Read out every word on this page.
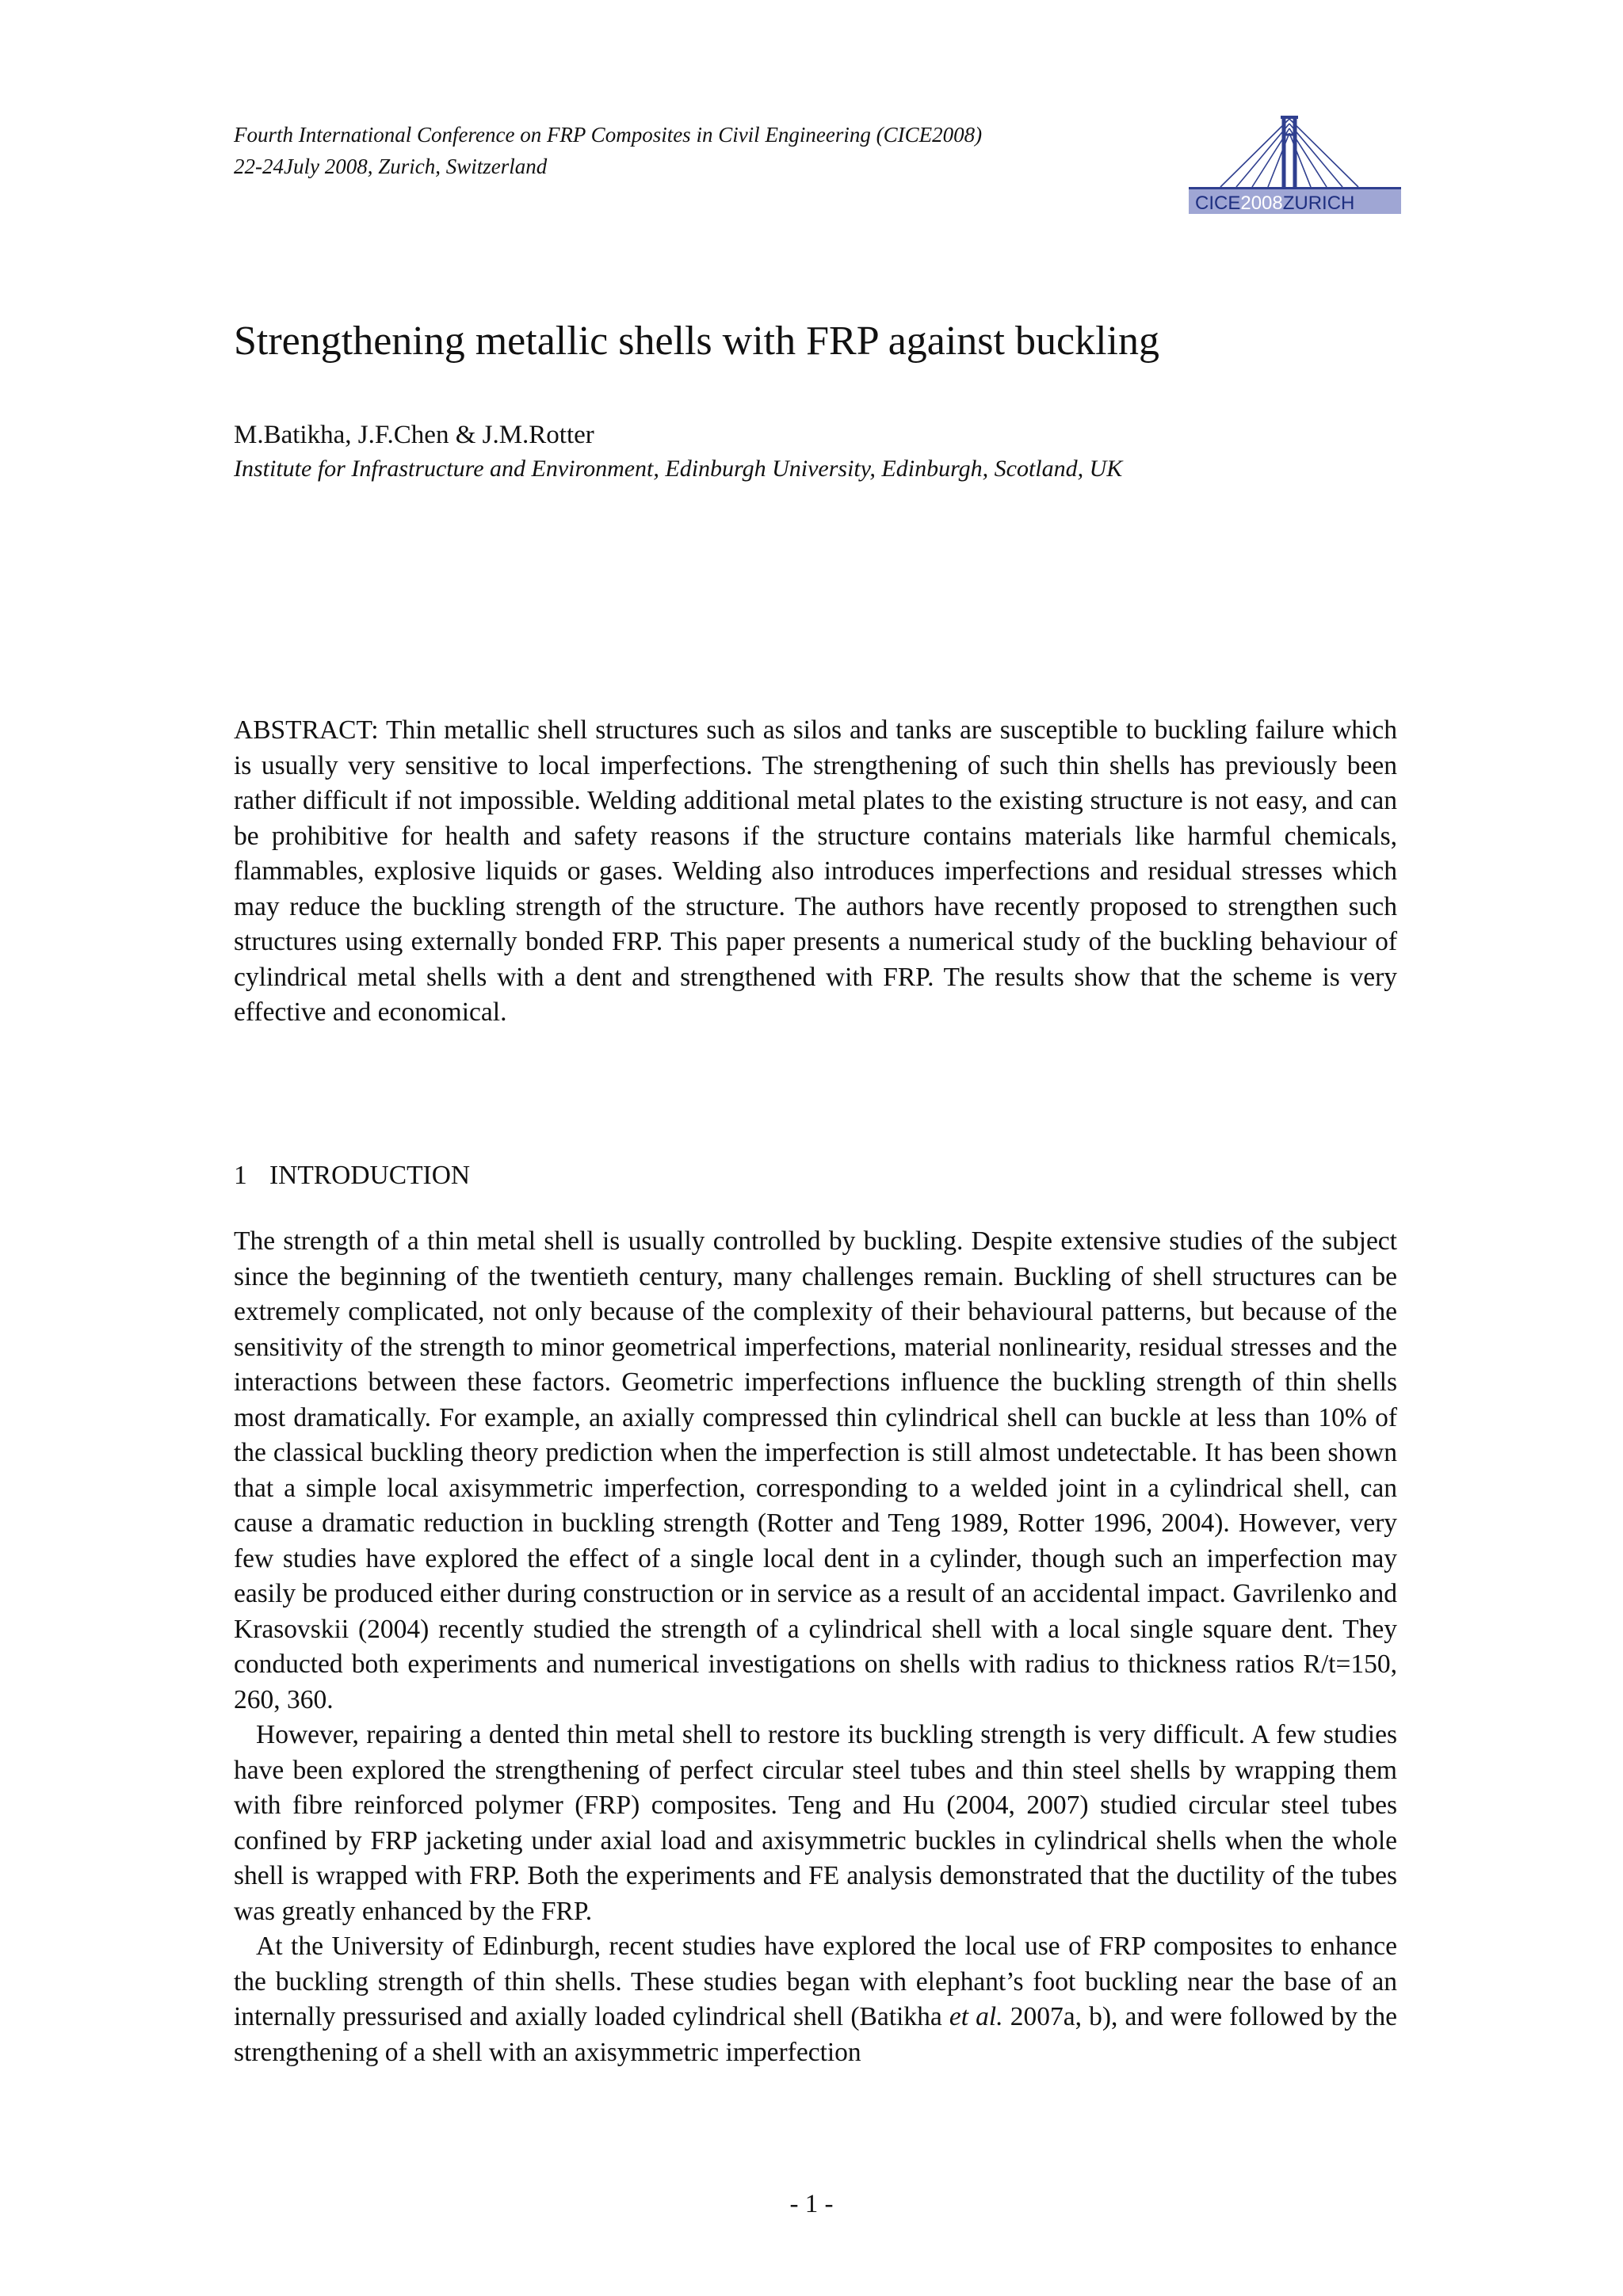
Fourth International Conference on FRP Composites in Civil Engineering (CICE2008)
22-24July 2008, Zurich, Switzerland
CICE2008ZURICH
Strengthening metallic shells with FRP against buckling
M.Batikha, J.F.Chen & J.M.Rotter
Institute for Infrastructure and Environment, Edinburgh University, Edinburgh, Scotland, UK

ABSTRACT: Thin metallic shell structures such as silos and tanks are susceptible to buckling failure which is usually very sensitive to local imperfections. The strengthening of such thin shells has previously been rather difficult if not impossible. Welding additional metal plates to the existing structure is not easy, and can be prohibitive for health and safety reasons if the structure contains materials like harmful chemicals, flammables, explosive liquids or gases. Welding also introduces imperfections and residual stresses which may reduce the buckling strength of the structure. The authors have recently proposed to strengthen such structures using externally bonded FRP. This paper presents a numerical study of the buckling behaviour of cylindrical metal shells with a dent and strengthened with FRP. The results show that the scheme is very effective and economical.

1 INTRODUCTION

The strength of a thin metal shell is usually controlled by buckling. Despite extensive studies of the subject since the beginning of the twentieth century, many challenges remain. Buckling of shell structures can be extremely complicated, not only because of the complexity of their behavioural patterns, but because of the sensitivity of the strength to minor geometrical imperfections, material nonlinearity, residual stresses and the interactions between these factors. Geometric imperfections influence the buckling strength of thin shells most dramatically. For example, an axially compressed thin cylindrical shell can buckle at less than 10% of the classical buckling theory prediction when the imperfection is still almost undetectable. It has been shown that a simple local axisymmetric imperfection, corresponding to a welded joint in a cylindrical shell, can cause a dramatic reduction in buckling strength (Rotter and Teng 1989, Rotter 1996, 2004). However, very few studies have explored the effect of a single local dent in a cylinder, though such an imperfection may easily be produced either during construction or in service as a result of an accidental impact. Gavrilenko and Krasovskii (2004) recently studied the strength of a cylindrical shell with a local single square dent. They conducted both experiments and numerical investigations on shells with radius to thickness ratios R/t=150, 260, 360.

However, repairing a dented thin metal shell to restore its buckling strength is very difficult. A few studies have been explored the strengthening of perfect circular steel tubes and thin steel shells by wrapping them with fibre reinforced polymer (FRP) composites. Teng and Hu (2004, 2007) studied circular steel tubes confined by FRP jacketing under axial load and axisymmetric buckles in cylindrical shells when the whole shell is wrapped with FRP. Both the experiments and FE analysis demonstrated that the ductility of the tubes was greatly enhanced by the FRP.

At the University of Edinburgh, recent studies have explored the local use of FRP composites to enhance the buckling strength of thin shells. These studies began with elephant’s foot buckling near the base of an internally pressurised and axially loaded cylindrical shell (Batikha et al. 2007a, b), and were followed by the strengthening of a shell with an axisymmetric imperfection

- 1 -
